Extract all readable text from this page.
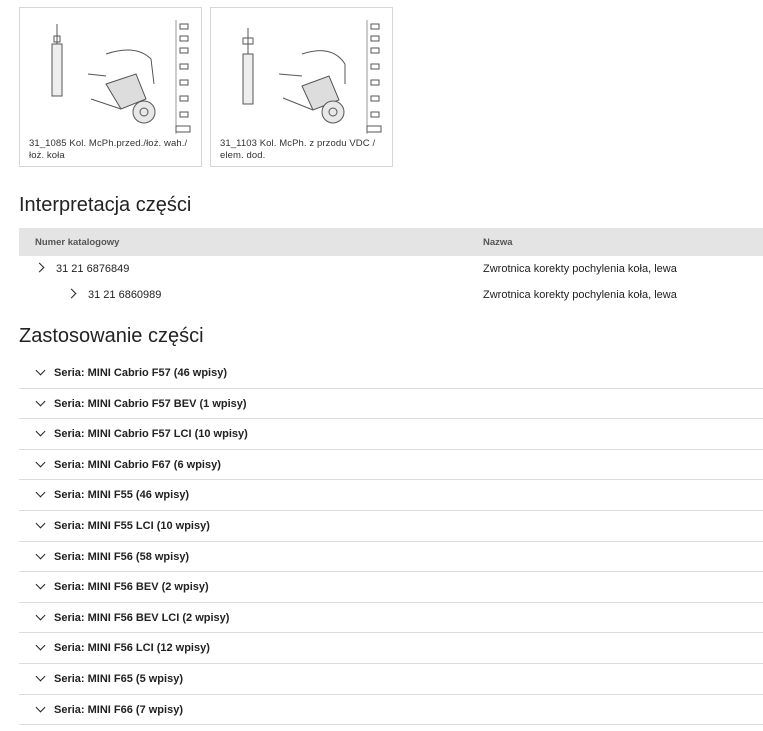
31_1085 Kol. McPh.przed./łoż. wah./łoż. koła
31_1103 Kol. McPh. z przodu VDC / elem. dod.
Interpretacja części
Numer katalogowy	Nazwa
31 21 6876849	Zwrotnica korekty pochylenia koła, lewa
31 21 6860989	Zwrotnica korekty pochylenia koła, lewa
Zastosowanie części
Seria: MINI Cabrio F57 (46 wpisy)
Seria: MINI Cabrio F57 BEV (1 wpisy)
Seria: MINI Cabrio F57 LCI (10 wpisy)
Seria: MINI Cabrio F67 (6 wpisy)
Seria: MINI F55 (46 wpisy)
Seria: MINI F55 LCI (10 wpisy)
Seria: MINI F56 (58 wpisy)
Seria: MINI F56 BEV (2 wpisy)
Seria: MINI F56 BEV LCI (2 wpisy)
Seria: MINI F56 LCI (12 wpisy)
Seria: MINI F65 (5 wpisy)
Seria: MINI F66 (7 wpisy)
